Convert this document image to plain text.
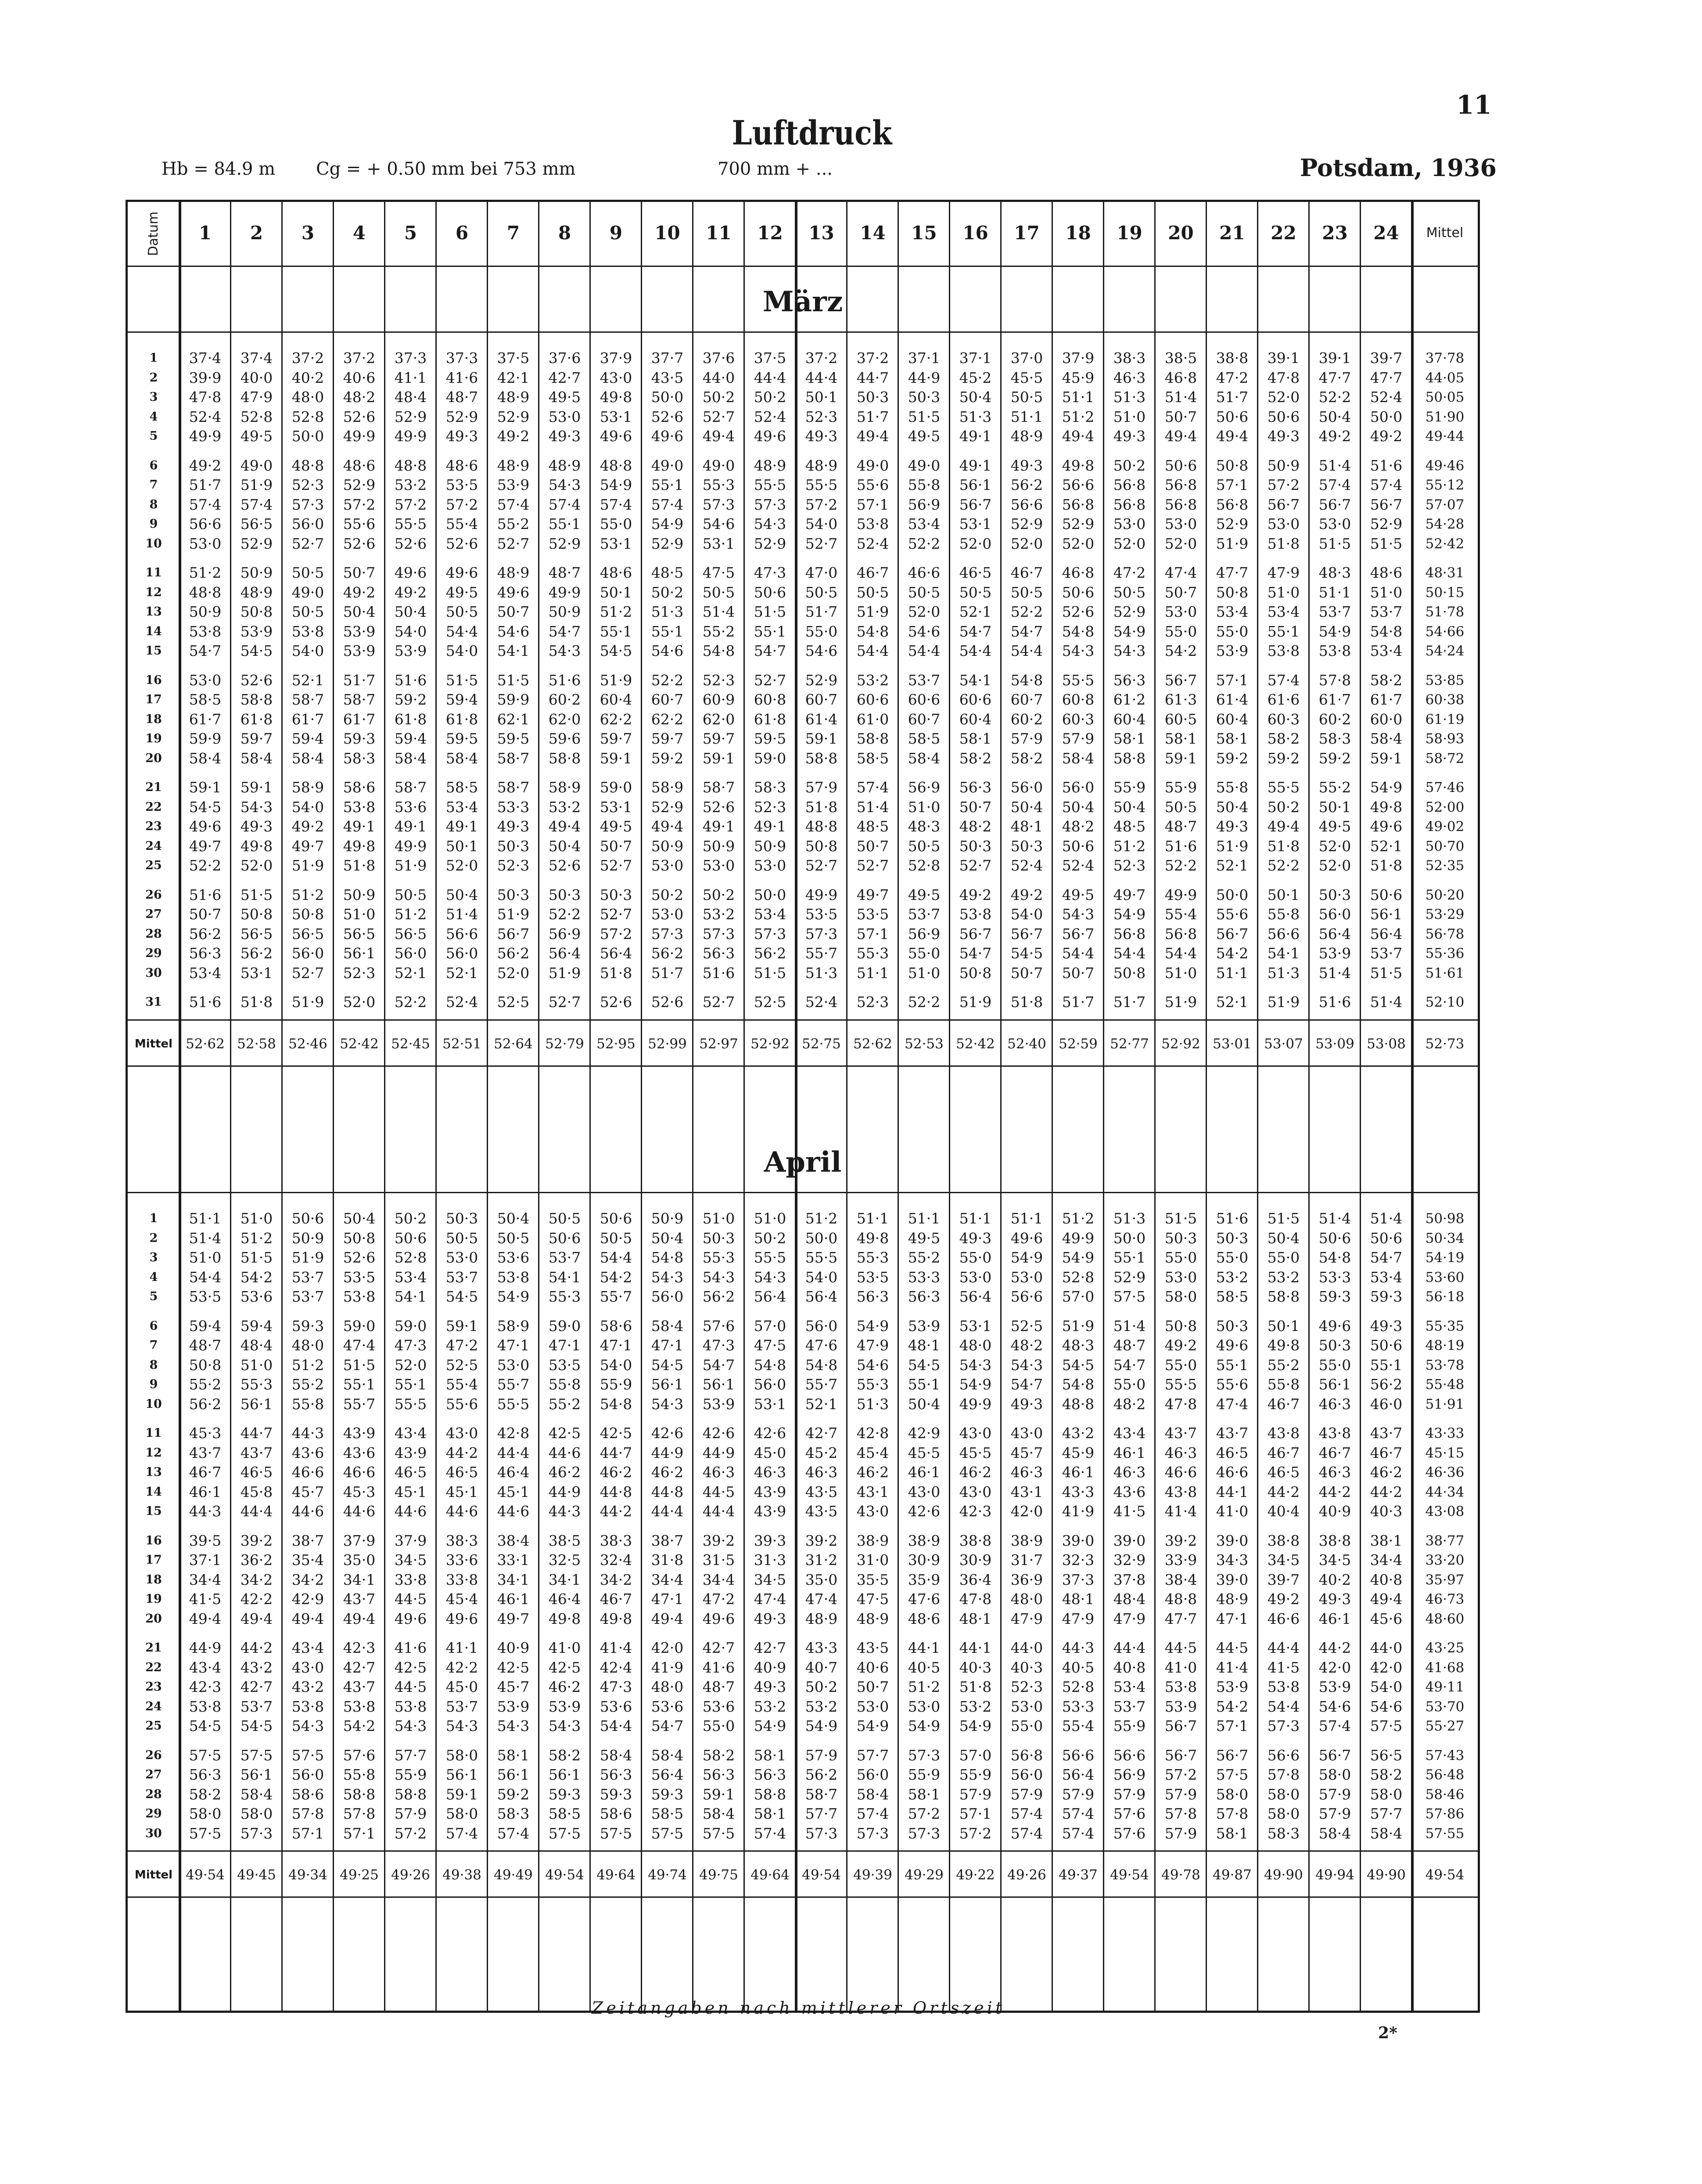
11
Luftdruck
Hb = 84.9 m Cg = + 0.50 mm bei 753 mm	700 mm + ...	Potsdam, 1936
Datum	1	2	3	4	5	6	7	8	9	10	11	12	13	14	15	16	17	18	19	20	21	22	23	24	Mittel
März
1	37·4	37·4	37·2	37·2	37·3	37·3	37·5	37·6	37·9	37·7	37·6	37·5	37·2	37·2	37·1	37·1	37·0	37·9	38·3	38·5	38·8	39·1	39·1	39·7	37·78
2	39·9	40·0	40·2	40·6	41·1	41·6	42·1	42·7	43·0	43·5	44·0	44·4	44·4	44·7	44·9	45·2	45·5	45·9	46·3	46·8	47·2	47·8	47·7	47·7	44·05
3	47·8	47·9	48·0	48·2	48·4	48·7	48·9	49·5	49·8	50·0	50·2	50·2	50·1	50·3	50·3	50·4	50·5	51·1	51·3	51·4	51·7	52·0	52·2	52·4	50·05
4	52·4	52·8	52·8	52·6	52·9	52·9	52·9	53·0	53·1	52·6	52·7	52·4	52·3	51·7	51·5	51·3	51·1	51·2	51·0	50·7	50·6	50·6	50·4	50·0	51·90
5	49·9	49·5	50·0	49·9	49·9	49·3	49·2	49·3	49·6	49·6	49·4	49·6	49·3	49·4	49·5	49·1	48·9	49·4	49·3	49·4	49·4	49·3	49·2	49·2	49·44
6	49·2	49·0	48·8	48·6	48·8	48·6	48·9	48·9	48·8	49·0	49·0	48·9	48·9	49·0	49·0	49·1	49·3	49·8	50·2	50·6	50·8	50·9	51·4	51·6	49·46
7	51·7	51·9	52·3	52·9	53·2	53·5	53·9	54·3	54·9	55·1	55·3	55·5	55·5	55·6	55·8	56·1	56·2	56·6	56·8	56·8	57·1	57·2	57·4	57·4	55·12
8	57·4	57·4	57·3	57·2	57·2	57·2	57·4	57·4	57·4	57·4	57·3	57·3	57·2	57·1	56·9	56·7	56·6	56·8	56·8	56·8	56·8	56·7	56·7	56·7	57·07
9	56·6	56·5	56·0	55·6	55·5	55·4	55·2	55·1	55·0	54·9	54·6	54·3	54·0	53·8	53·4	53·1	52·9	52·9	53·0	53·0	52·9	53·0	53·0	52·9	54·28
10	53·0	52·9	52·7	52·6	52·6	52·6	52·7	52·9	53·1	52·9	53·1	52·9	52·7	52·4	52·2	52·0	52·0	52·0	52·0	52·0	51·9	51·8	51·5	51·5	52·42
11	51·2	50·9	50·5	50·7	49·6	49·6	48·9	48·7	48·6	48·5	47·5	47·3	47·0	46·7	46·6	46·5	46·7	46·8	47·2	47·4	47·7	47·9	48·3	48·6	48·31
12	48·8	48·9	49·0	49·2	49·2	49·5	49·6	49·9	50·1	50·2	50·5	50·6	50·5	50·5	50·5	50·5	50·5	50·6	50·5	50·7	50·8	51·0	51·1	51·0	50·15
13	50·9	50·8	50·5	50·4	50·4	50·5	50·7	50·9	51·2	51·3	51·4	51·5	51·7	51·9	52·0	52·1	52·2	52·6	52·9	53·0	53·4	53·4	53·7	53·7	51·78
14	53·8	53·9	53·8	53·9	54·0	54·4	54·6	54·7	55·1	55·1	55·2	55·1	55·0	54·8	54·6	54·7	54·7	54·8	54·9	55·0	55·0	55·1	54·9	54·8	54·66
15	54·7	54·5	54·0	53·9	53·9	54·0	54·1	54·3	54·5	54·6	54·8	54·7	54·6	54·4	54·4	54·4	54·4	54·3	54·3	54·2	53·9	53·8	53·8	53·4	54·24
16	53·0	52·6	52·1	51·7	51·6	51·5	51·5	51·6	51·9	52·2	52·3	52·7	52·9	53·2	53·7	54·1	54·8	55·5	56·3	56·7	57·1	57·4	57·8	58·2	53·85
17	58·5	58·8	58·7	58·7	59·2	59·4	59·9	60·2	60·4	60·7	60·9	60·8	60·7	60·6	60·6	60·6	60·7	60·8	61·2	61·3	61·4	61·6	61·7	61·7	60·38
18	61·7	61·8	61·7	61·7	61·8	61·8	62·1	62·0	62·2	62·2	62·0	61·8	61·4	61·0	60·7	60·4	60·2	60·3	60·4	60·5	60·4	60·3	60·2	60·0	61·19
19	59·9	59·7	59·4	59·3	59·4	59·5	59·5	59·6	59·7	59·7	59·7	59·5	59·1	58·8	58·5	58·1	57·9	57·9	58·1	58·1	58·1	58·2	58·3	58·4	58·93
20	58·4	58·4	58·4	58·3	58·4	58·4	58·7	58·8	59·1	59·2	59·1	59·0	58·8	58·5	58·4	58·2	58·2	58·4	58·8	59·1	59·2	59·2	59·2	59·1	58·72
21	59·1	59·1	58·9	58·6	58·7	58·5	58·7	58·9	59·0	58·9	58·7	58·3	57·9	57·4	56·9	56·3	56·0	56·0	55·9	55·9	55·8	55·5	55·2	54·9	57·46
22	54·5	54·3	54·0	53·8	53·6	53·4	53·3	53·2	53·1	52·9	52·6	52·3	51·8	51·4	51·0	50·7	50·4	50·4	50·4	50·5	50·4	50·2	50·1	49·8	52·00
23	49·6	49·3	49·2	49·1	49·1	49·1	49·3	49·4	49·5	49·4	49·1	49·1	48·8	48·5	48·3	48·2	48·1	48·2	48·5	48·7	49·3	49·4	49·5	49·6	49·02
24	49·7	49·8	49·7	49·8	49·9	50·1	50·3	50·4	50·7	50·9	50·9	50·9	50·8	50·7	50·5	50·3	50·3	50·6	51·2	51·6	51·9	51·8	52·0	52·1	50·70
25	52·2	52·0	51·9	51·8	51·9	52·0	52·3	52·6	52·7	53·0	53·0	53·0	52·7	52·7	52·8	52·7	52·4	52·4	52·3	52·2	52·1	52·2	52·0	51·8	52·35
26	51·6	51·5	51·2	50·9	50·5	50·4	50·3	50·3	50·3	50·2	50·2	50·0	49·9	49·7	49·5	49·2	49·2	49·5	49·7	49·9	50·0	50·1	50·3	50·6	50·20
27	50·7	50·8	50·8	51·0	51·2	51·4	51·9	52·2	52·7	53·0	53·2	53·4	53·5	53·5	53·7	53·8	54·0	54·3	54·9	55·4	55·6	55·8	56·0	56·1	53·29
28	56·2	56·5	56·5	56·5	56·5	56·6	56·7	56·9	57·2	57·3	57·3	57·3	57·3	57·1	56·9	56·7	56·7	56·7	56·8	56·8	56·7	56·6	56·4	56·4	56·78
29	56·3	56·2	56·0	56·1	56·0	56·0	56·2	56·4	56·4	56·2	56·3	56·2	55·7	55·3	55·0	54·7	54·5	54·4	54·4	54·4	54·2	54·1	53·9	53·7	55·36
30	53·4	53·1	52·7	52·3	52·1	52·1	52·0	51·9	51·8	51·7	51·6	51·5	51·3	51·1	51·0	50·8	50·7	50·7	50·8	51·0	51·1	51·3	51·4	51·5	51·61
31	51·6	51·8	51·9	52·0	52·2	52·4	52·5	52·7	52·6	52·6	52·7	52·5	52·4	52·3	52·2	51·9	51·8	51·7	51·7	51·9	52·1	51·9	51·6	51·4	52·10
Mittel 52·62 52·58 52·46 52·42 52·45 52·51 52·64 52·79 52·95 52·99 52·97 52·92 52·75 52·62 52·53 52·42 52·40 52·59 52·77 52·92 53·01 53·07 53·09 53·08	52·73
April
1	51·1	51·0	50·6	50·4	50·2	50·3	50·4	50·5	50·6	50·9	51·0	51·0	51·2	51·1	51·1	51·1	51·1	51·2	51·3	51·5	51·6	51·5	51·4	51·4	50·98
2	51·4	51·2	50·9	50·8	50·6	50·5	50·5	50·6	50·5	50·4	50·3	50·2	50·0	49·8	49·5	49·3	49·6	49·9	50·0	50·3	50·3	50·4	50·6	50·6	50·34
3	51·0	51·5	51·9	52·6	52·8	53·0	53·6	53·7	54·4	54·8	55·3	55·5	55·5	55·3	55·2	55·0	54·9	54·9	55·1	55·0	55·0	55·0	54·8	54·7	54·19
4	54·4	54·2	53·7	53·5	53·4	53·7	53·8	54·1	54·2	54·3	54·3	54·3	54·0	53·5	53·3	53·0	53·0	52·8	52·9	53·0	53·2	53·2	53·3	53·4	53·60
5	53·5	53·6	53·7	53·8	54·1	54·5	54·9	55·3	55·7	56·0	56·2	56·4	56·4	56·3	56·3	56·4	56·6	57·0	57·5	58·0	58·5	58·8	59·3	59·3	56·18
6	59·4	59·4	59·3	59·0	59·0	59·1	58·9	59·0	58·6	58·4	57·6	57·0	56·0	54·9	53·9	53·1	52·5	51·9	51·4	50·8	50·3	50·1	49·6	49·3	55·35
7	48·7	48·4	48·0	47·4	47·3	47·2	47·1	47·1	47·1	47·1	47·3	47·5	47·6	47·9	48·1	48·0	48·2	48·3	48·7	49·2	49·6	49·8	50·3	50·6	48·19
8	50·8	51·0	51·2	51·5	52·0	52·5	53·0	53·5	54·0	54·5	54·7	54·8	54·8	54·6	54·5	54·3	54·3	54·5	54·7	55·0	55·1	55·2	55·0	55·1	53·78
9	55·2	55·3	55·2	55·1	55·1	55·4	55·7	55·8	55·9	56·1	56·1	56·0	55·7	55·3	55·1	54·9	54·7	54·8	55·0	55·5	55·6	55·8	56·1	56·2	55·48
10	56·2	56·1	55·8	55·7	55·5	55·6	55·5	55·2	54·8	54·3	53·9	53·1	52·1	51·3	50·4	49·9	49·3	48·8	48·2	47·8	47·4	46·7	46·3	46·0	51·91
11	45·3	44·7	44·3	43·9	43·4	43·0	42·8	42·5	42·5	42·6	42·6	42·6	42·7	42·8	42·9	43·0	43·0	43·2	43·4	43·7	43·7	43·8	43·8	43·7	43·33
12	43·7	43·7	43·6	43·6	43·9	44·2	44·4	44·6	44·7	44·9	44·9	45·0	45·2	45·4	45·5	45·5	45·7	45·9	46·1	46·3	46·5	46·7	46·7	46·7	45·15
13	46·7	46·5	46·6	46·6	46·5	46·5	46·4	46·2	46·2	46·2	46·3	46·3	46·3	46·2	46·1	46·2	46·3	46·1	46·3	46·6	46·6	46·5	46·3	46·2	46·36
14	46·1	45·8	45·7	45·3	45·1	45·1	45·1	44·9	44·8	44·8	44·5	43·9	43·5	43·1	43·0	43·0	43·1	43·3	43·6	43·8	44·1	44·2	44·2	44·2	44·34
15	44·3	44·4	44·6	44·6	44·6	44·6	44·6	44·3	44·2	44·4	44·4	43·9	43·5	43·0	42·6	42·3	42·0	41·9	41·5	41·4	41·0	40·4	40·9	40·3	43·08
16	39·5	39·2	38·7	37·9	37·9	38·3	38·4	38·5	38·3	38·7	39·2	39·3	39·2	38·9	38·9	38·8	38·9	39·0	39·0	39·2	39·0	38·8	38·8	38·1	38·77
17	37·1	36·2	35·4	35·0	34·5	33·6	33·1	32·5	32·4	31·8	31·5	31·3	31·2	31·0	30·9	30·9	31·7	32·3	32·9	33·9	34·3	34·5	34·5	34·4	33·20
18	34·4	34·2	34·2	34·1	33·8	33·8	34·1	34·1	34·2	34·4	34·4	34·5	35·0	35·5	35·9	36·4	36·9	37·3	37·8	38·4	39·0	39·7	40·2	40·8	35·97
19	41·5	42·2	42·9	43·7	44·5	45·4	46·1	46·4	46·7	47·1	47·2	47·4	47·4	47·5	47·6	47·8	48·0	48·1	48·4	48·8	48·9	49·2	49·3	49·4	46·73
20	49·4	49·4	49·4	49·4	49·6	49·6	49·7	49·8	49·8	49·4	49·6	49·3	48·9	48·9	48·6	48·1	47·9	47·9	47·9	47·7	47·1	46·6	46·1	45·6	48·60
21	44·9	44·2	43·4	42·3	41·6	41·1	40·9	41·0	41·4	42·0	42·7	42·7	43·3	43·5	44·1	44·1	44·0	44·3	44·4	44·5	44·5	44·4	44·2	44·0	43·25
22	43·4	43·2	43·0	42·7	42·5	42·2	42·5	42·5	42·4	41·9	41·6	40·9	40·7	40·6	40·5	40·3	40·3	40·5	40·8	41·0	41·4	41·5	42·0	42·0	41·68
23	42·3	42·7	43·2	43·7	44·5	45·0	45·7	46·2	47·3	48·0	48·7	49·3	50·2	50·7	51·2	51·8	52·3	52·8	53·4	53·8	53·9	53·8	53·9	54·0	49·11
24	53·8	53·7	53·8	53·8	53·8	53·7	53·9	53·9	53·6	53·6	53·6	53·2	53·2	53·0	53·0	53·2	53·0	53·3	53·7	53·9	54·2	54·4	54·6	54·6	53·70
25	54·5	54·5	54·3	54·2	54·3	54·3	54·3	54·3	54·4	54·7	55·0	54·9	54·9	54·9	54·9	54·9	55·0	55·4	55·9	56·7	57·1	57·3	57·4	57·5	55·27
26	57·5	57·5	57·5	57·6	57·7	58·0	58·1	58·2	58·4	58·4	58·2	58·1	57·9	57·7	57·3	57·0	56·8	56·6	56·6	56·7	56·7	56·6	56·7	56·5	57·43
27	56·3	56·1	56·0	55·8	55·9	56·1	56·1	56·1	56·3	56·4	56·3	56·3	56·2	56·0	55·9	55·9	56·0	56·4	56·9	57·2	57·5	57·8	58·0	58·2	56·48
28	58·2	58·4	58·6	58·8	58·8	59·1	59·2	59·3	59·3	59·3	59·1	58·8	58·7	58·4	58·1	57·9	57·9	57·9	57·9	57·9	58·0	58·0	57·9	58·0	58·46
29	58·0	58·0	57·8	57·8	57·9	58·0	58·3	58·5	58·6	58·5	58·4	58·1	57·7	57·4	57·2	57·1	57·4	57·4	57·6	57·8	57·8	58·0	57·9	57·7	57·86
30	57·5	57·3	57·1	57·1	57·2	57·4	57·4	57·5	57·5	57·5	57·5	57·4	57·3	57·3	57·3	57·2	57·4	57·4	57·6	57·9	58·1	58·3	58·4	58·4	57·55
Mittel 49·54 49·45 49·34 49·25 49·26 49·38 49·49 49·54 49·64 49·74 49·75 49·64 49·54 49·39 49·29 49·22 49·26 49·37 49·54 49·78 49·87 49·90 49·94 49·90	49·54
Zeitangaben nach mittlerer Ortszeit
2*
